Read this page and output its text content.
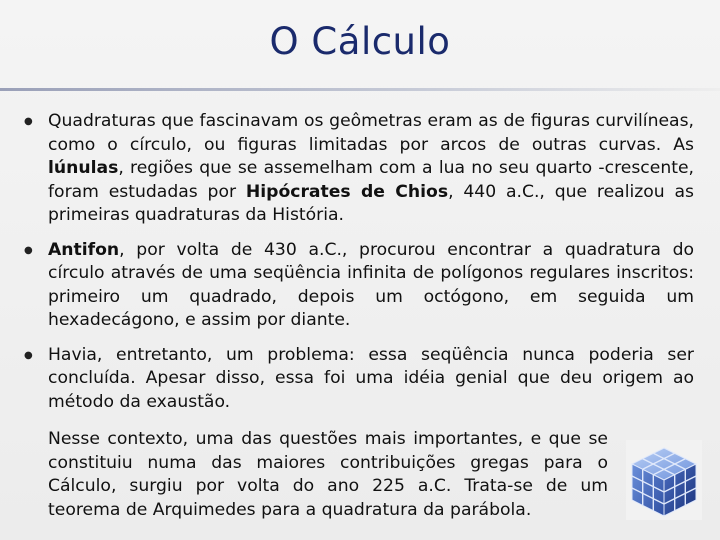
O Cálculo
● Quadraturas que fascinavam os geômetras eram as de figuras curvilíneas, como o círculo, ou figuras limitadas por arcos de outras curvas. As lúnulas, regiões que se assemelham com a lua no seu quarto -crescente, foram estudadas por Hipócrates de Chios, 440 a.C., que realizou as primeiras quadraturas da História.
● Antifon, por volta de 430 a.C., procurou encontrar a quadratura do círculo através de uma seqüência infinita de polígonos regulares inscritos: primeiro um quadrado, depois um octógono, em seguida um hexadecágono, e assim por diante.
● Havia, entretanto, um problema: essa seqüência nunca poderia ser concluída. Apesar disso, essa foi uma idéia genial que deu origem ao método da exaustão.

Nesse contexto, uma das questões mais importantes, e que se constituiu numa das maiores contribuições gregas para o Cálculo, surgiu por volta do ano 225 a.C. Trata-se de um teorema de Arquimedes para a quadratura da parábola.
